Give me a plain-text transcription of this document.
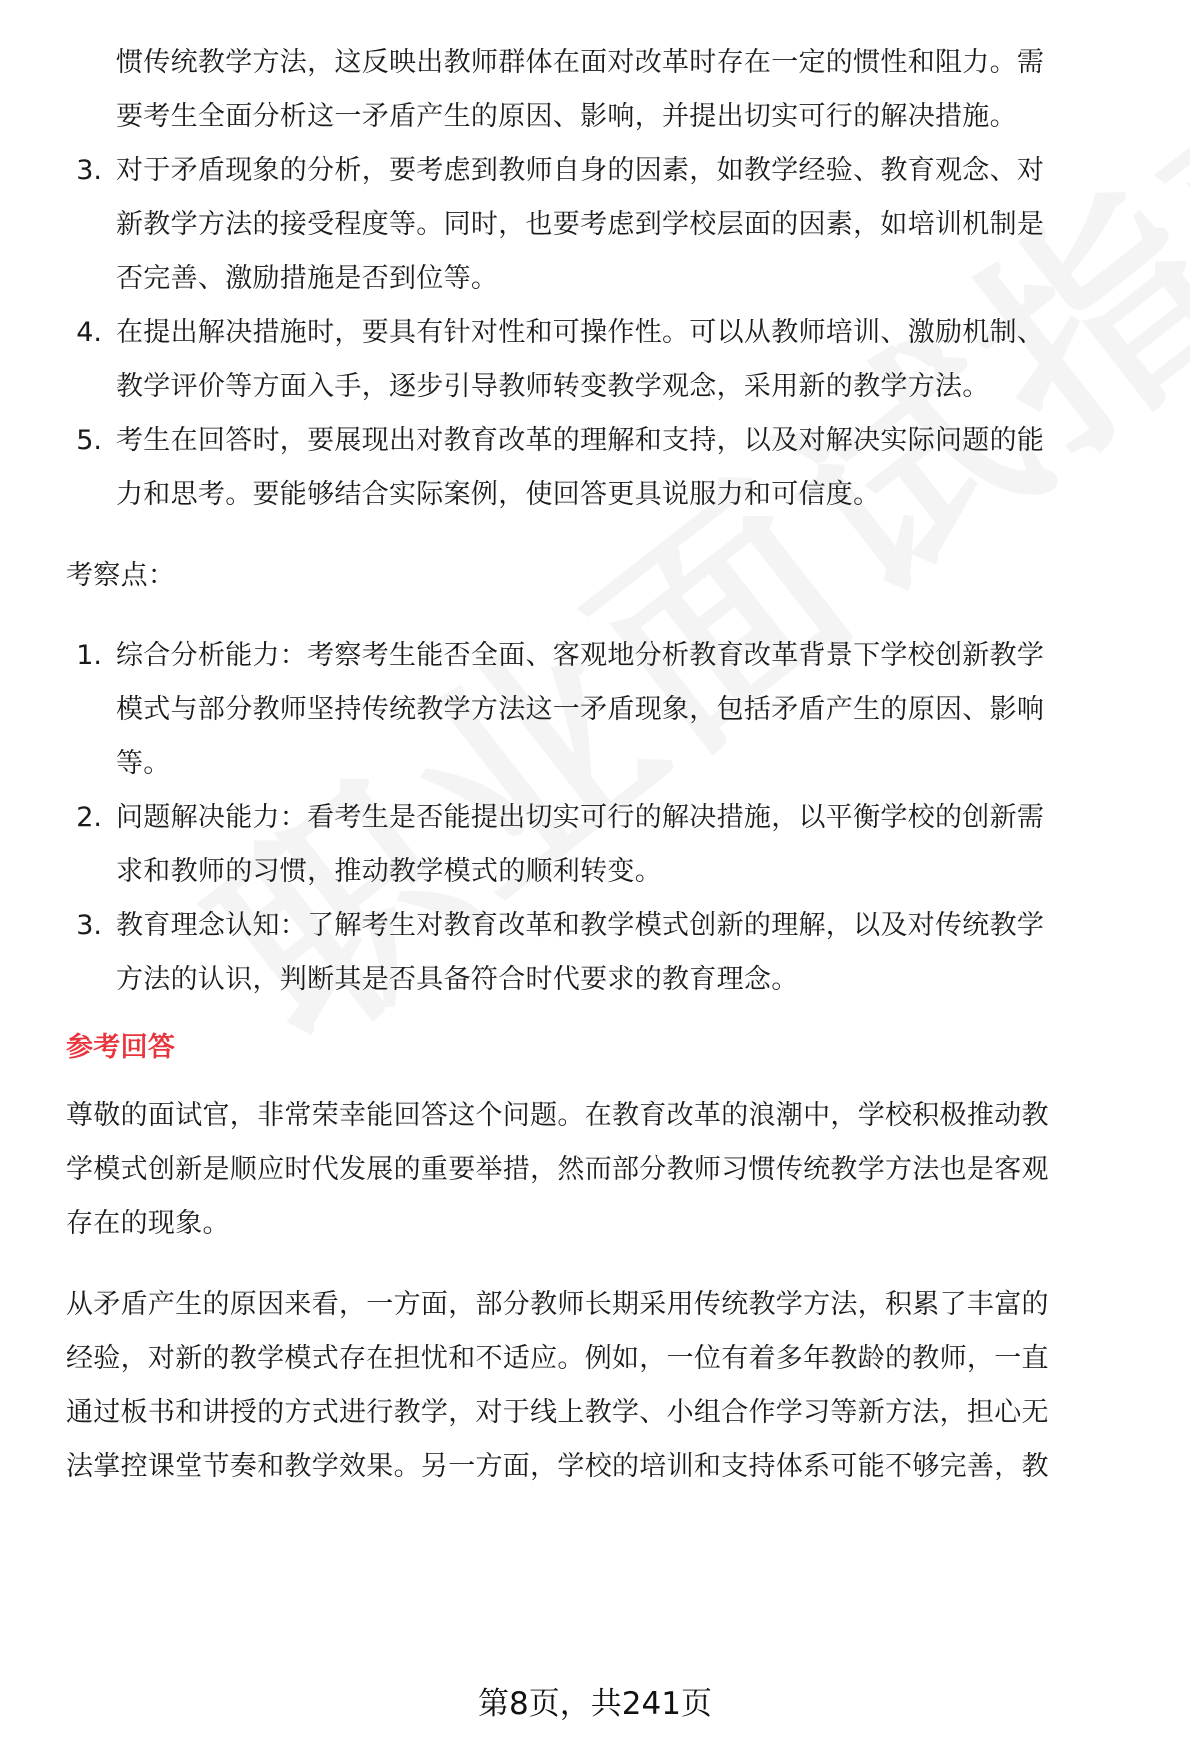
惯传统教学方法，这反映出教师群体在面对改革时存在一定的惯性和阻力。需
要考生全面分析这一矛盾产生的原因、影响，并提出切实可行的解决措施。
3. 对于矛盾现象的分析，要考虑到教师自身的因素，如教学经验、教育观念、对
新教学方法的接受程度等。同时，也要考虑到学校层面的因素，如培训机制是
否完善、激励措施是否到位等。
4. 在提出解决措施时，要具有针对性和可操作性。可以从教师培训、激励机制、
教学评价等方面入手，逐步引导教师转变教学观念，采用新的教学方法。
5. 考生在回答时，要展现出对教育改革的理解和支持，以及对解决实际问题的能
力和思考。要能够结合实际案例，使回答更具说服力和可信度。
考察点：
1. 综合分析能力：考察考生能否全面、客观地分析教育改革背景下学校创新教学
模式与部分教师坚持传统教学方法这一矛盾现象，包括矛盾产生的原因、影响
等。
2. 问题解决能力：看考生是否能提出切实可行的解决措施，以平衡学校的创新需
求和教师的习惯，推动教学模式的顺利转变。
3. 教育理念认知：了解考生对教育改革和教学模式创新的理解，以及对传统教学
方法的认识，判断其是否具备符合时代要求的教育理念。
参考回答
尊敬的面试官，非常荣幸能回答这个问题。在教育改革的浪潮中，学校积极推动教
学模式创新是顺应时代发展的重要举措，然而部分教师习惯传统教学方法也是客观
存在的现象。
从矛盾产生的原因来看，一方面，部分教师长期采用传统教学方法，积累了丰富的
经验，对新的教学模式存在担忧和不适应。例如，一位有着多年教龄的教师，一直
通过板书和讲授的方式进行教学，对于线上教学、小组合作学习等新方法，担心无
法掌控课堂节奏和教学效果。另一方面，学校的培训和支持体系可能不够完善，教
第8页，共241页
